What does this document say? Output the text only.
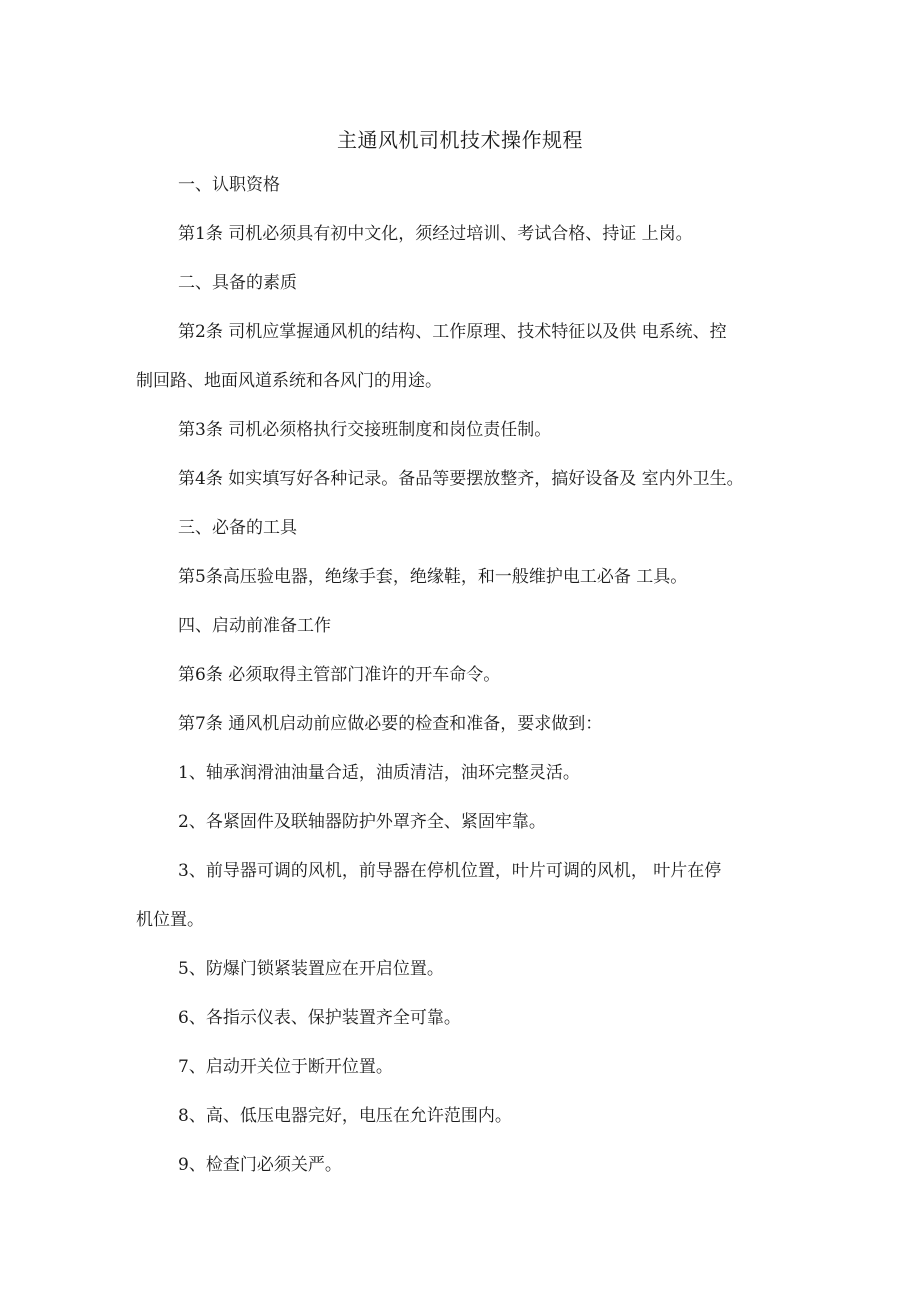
主通风机司机技术操作规程
一、认职资格
第1条 司机必须具有初中文化，须经过培训、考试合格、持证 上岗。
二、具备的素质
第2条 司机应掌握通风机的结构、工作原理、技术特征以及供 电系统、控
制回路、地面风道系统和各风门的用途。
第3条 司机必须格执行交接班制度和岗位责任制。
第4条 如实填写好各种记录。备品等要摆放整齐，搞好设备及 室内外卫生。
三、必备的工具
第5条高压验电器，绝缘手套，绝缘鞋，和一般维护电工必备 工具。
四、启动前准备工作
第6条 必须取得主管部门准许的开车命令。
第7条 通风机启动前应做必要的检查和准备，要求做到：
1、轴承润滑油油量合适，油质清洁，油环完整灵活。
2、各紧固件及联轴器防护外罩齐全、紧固牢靠。
3、前导器可调的风机，前导器在停机位置，叶片可调的风机， 叶片在停
机位置。
5、防爆门锁紧装置应在开启位置。
6、各指示仪表、保护装置齐全可靠。
7、启动开关位于断开位置。
8、高、低压电器完好，电压在允许范围内。
9、检查门必须关严。
